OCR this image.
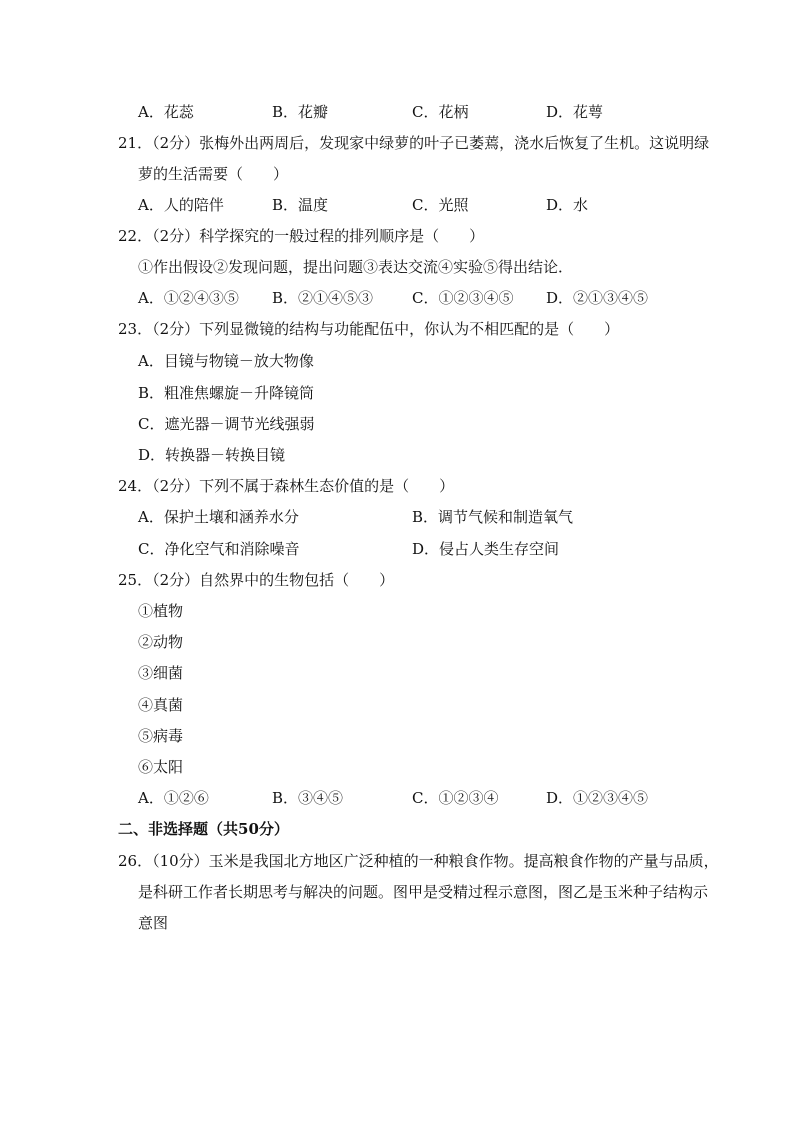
A．花蕊	B．花瓣	C．花柄	D．花萼
21．（2分）张梅外出两周后，发现家中绿萝的叶子已萎蔫，浇水后恢复了生机。这说明绿
萝的生活需要（　　）
A．人的陪伴	B．温度	C．光照	D．水
22．（2分）科学探究的一般过程的排列顺序是（　　）
①作出假设②发现问题，提出问题③表达交流④实验⑤得出结论．
A．①②④③⑤ B．②①④⑤③	C．①②③④⑤ D．②①③④⑤
23．（2分）下列显微镜的结构与功能配伍中，你认为不相匹配的是（　　）
A．目镜与物镜－放大物像
B．粗准焦螺旋－升降镜筒
C．遮光器－调节光线强弱
D．转换器－转换目镜
24．（2分）下列不属于森林生态价值的是（　　）
A．保护土壤和涵养水分	B．调节气候和制造氧气
C．净化空气和消除噪音	D．侵占人类生存空间
25．（2分）自然界中的生物包括（　　）
①植物
②动物
③细菌
④真菌
⑤病毒
⑥太阳
A．①②⑥	B．③④⑤	C．①②③④	D．①②③④⑤
二、非选择题（共50分）
26．（10分）玉米是我国北方地区广泛种植的一种粮食作物。提高粮食作物的产量与品质，
是科研工作者长期思考与解决的问题。图甲是受精过程示意图，图乙是玉米种子结构示
意图
